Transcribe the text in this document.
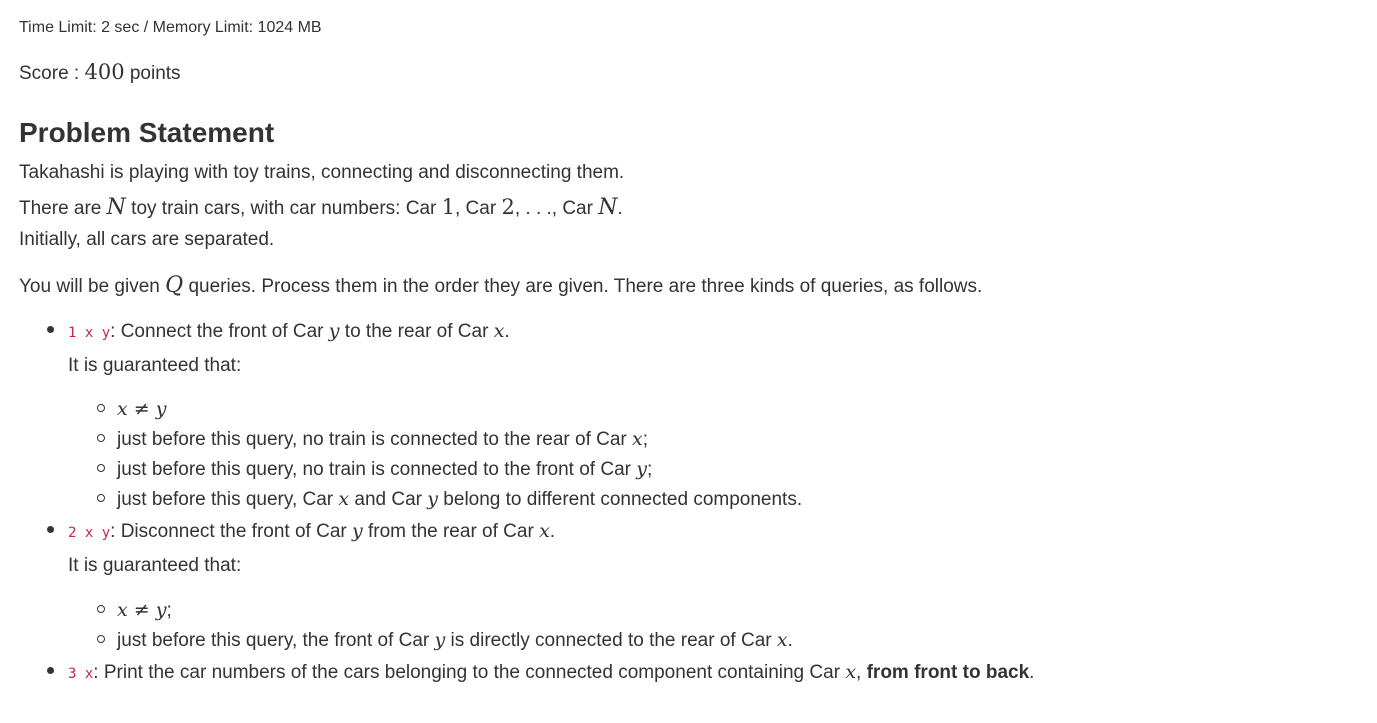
Time Limit: 2 sec / Memory Limit: 1024 MB
Score : 400 points
Problem Statement
Takahashi is playing with toy trains, connecting and disconnecting them.
There are N toy train cars, with car numbers: Car 1, Car 2, . . ., Car N.
Initially, all cars are separated.
You will be given Q queries. Process them in the order they are given. There are three kinds of queries, as follows.
1 x y: Connect the front of Car y to the rear of Car x.
It is guaranteed that:
x ≠ y
just before this query, no train is connected to the rear of Car x;
just before this query, no train is connected to the front of Car y;
just before this query, Car x and Car y belong to different connected components.
2 x y: Disconnect the front of Car y from the rear of Car x.
It is guaranteed that:
x ≠ y;
just before this query, the front of Car y is directly connected to the rear of Car x.
3 x: Print the car numbers of the cars belonging to the connected component containing Car x, from front to back.
